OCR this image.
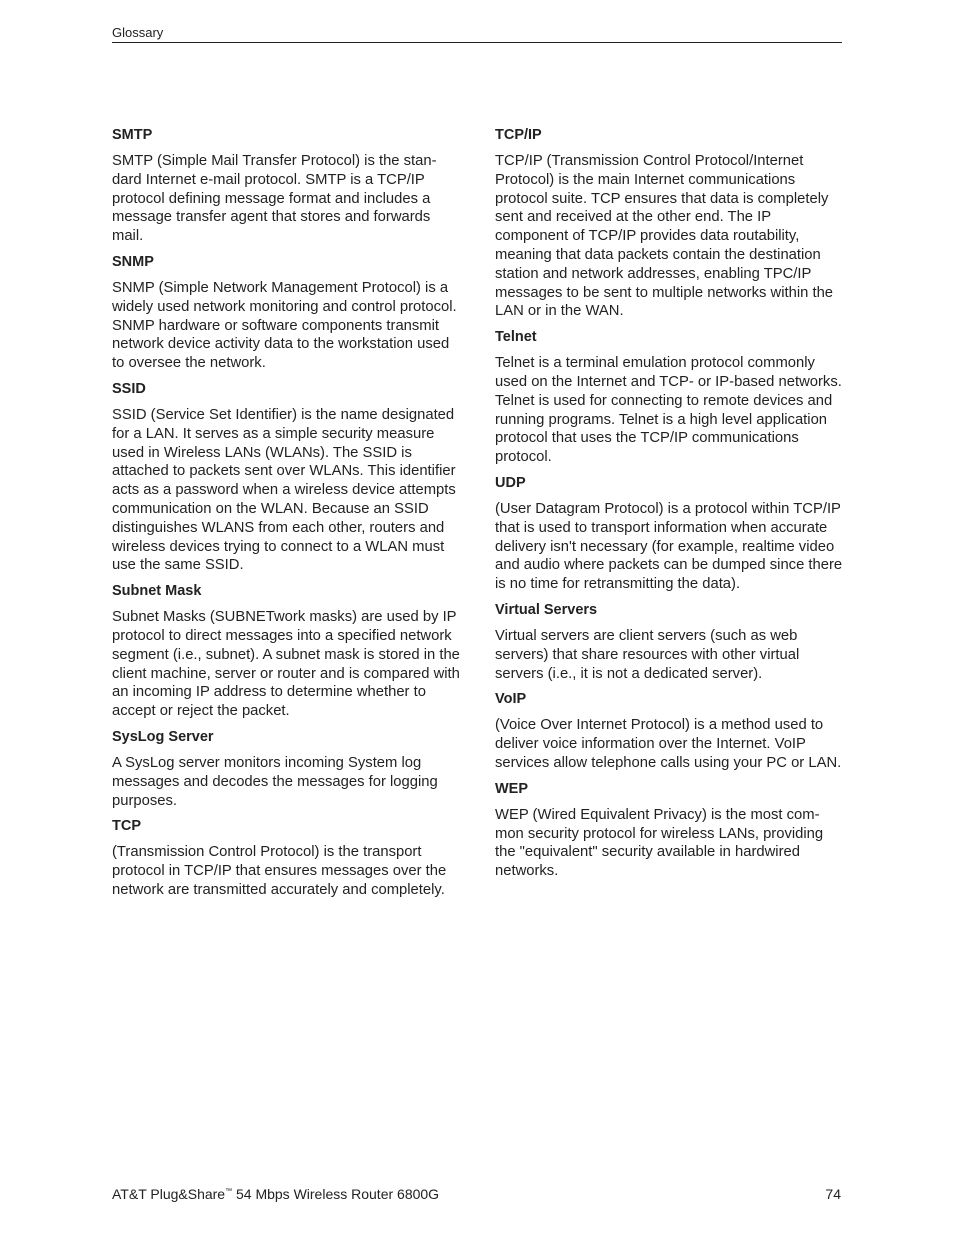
Glossary

SMTP

SMTP (Simple Mail Transfer Protocol) is the standard Internet e-mail protocol. SMTP is a TCP/IP protocol defining message format and includes a message transfer agent that stores and forwards mail.

SNMP

SNMP (Simple Network Management Protocol) is a widely used network monitoring and control protocol. SNMP hardware or software components transmit network device activity data to the workstation used to oversee the network.

SSID

SSID (Service Set Identifier) is the name designated for a LAN. It serves as a simple security measure used in Wireless LANs (WLANs). The SSID is attached to packets sent over WLANs. This identifier acts as a password when a wireless device attempts communication on the WLAN. Because an SSID distinguishes WLANS from each other, routers and wireless devices trying to connect to a WLAN must use the same SSID.

Subnet Mask

Subnet Masks (SUBNETwork masks) are used by IP protocol to direct messages into a specified network segment (i.e., subnet). A subnet mask is stored in the client machine, server or router and is compared with an incoming IP address to determine whether to accept or reject the packet.

SysLog Server

A SysLog server monitors incoming System log messages and decodes the messages for logging purposes.

TCP

(Transmission Control Protocol) is the transport protocol in TCP/IP that ensures messages over the network are transmitted accurately and completely.

TCP/IP

TCP/IP (Transmission Control Protocol/Internet Protocol) is the main Internet communications protocol suite. TCP ensures that data is completely sent and received at the other end. The IP component of TCP/IP provides data routability, meaning that data packets contain the destination station and network addresses, enabling TPC/IP messages to be sent to multiple networks within the LAN or in the WAN.

Telnet

Telnet is a terminal emulation protocol commonly used on the Internet and TCP- or IP-based networks. Telnet is used for connecting to remote devices and running programs. Telnet is a high level application protocol that uses the TCP/IP communications protocol.

UDP

(User Datagram Protocol) is a protocol within TCP/IP that is used to transport information when accurate delivery isn't necessary (for example, realtime video and audio where packets can be dumped since there is no time for retransmitting the data).

Virtual Servers

Virtual servers are client servers (such as web servers) that share resources with other virtual servers (i.e., it is not a dedicated server).

VoIP

(Voice Over Internet Protocol) is a method used to deliver voice information over the Internet. VoIP services allow telephone calls using your PC or LAN.

WEP

WEP (Wired Equivalent Privacy) is the most common security protocol for wireless LANs, providing the "equivalent" security available in hardwired networks.

AT&T Plug&Share™ 54 Mbps Wireless Router 6800G	74
